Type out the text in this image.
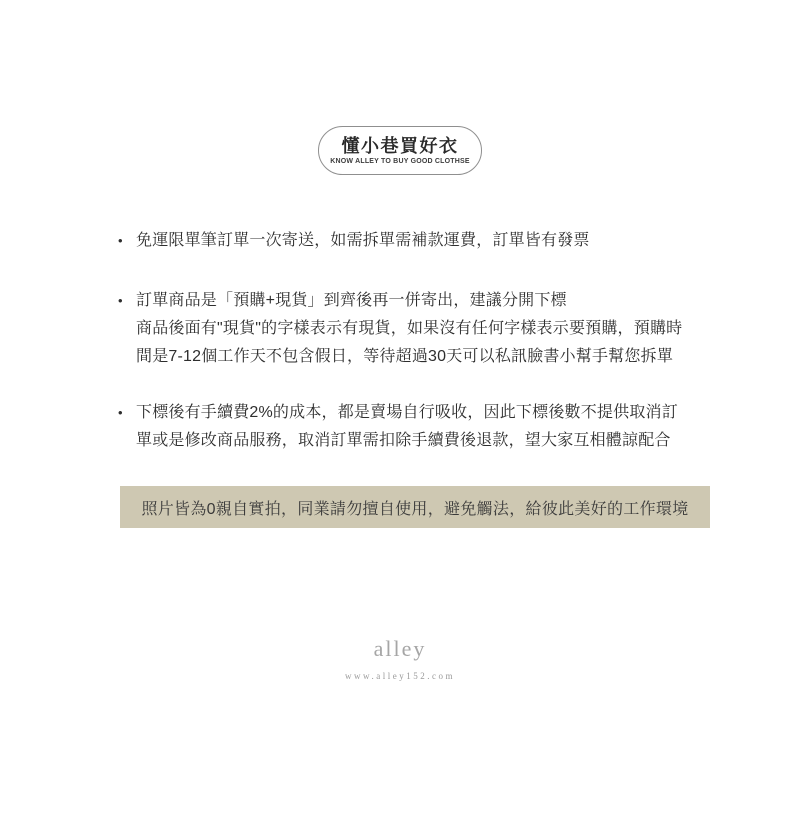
懂小巷買好衣
KNOW ALLEY TO BUY GOOD CLOTHSE
• 免運限單筆訂單一次寄送，如需拆單需補款運費，訂單皆有發票
• 訂單商品是「預購+現貨」到齊後再一併寄出，建議分開下標
商品後面有"現貨"的字樣表示有現貨，如果沒有任何字樣表示要預購，預購時
間是7-12個工作天不包含假日，等待超過30天可以私訊臉書小幫手幫您拆單
• 下標後有手續費2%的成本，都是賣場自行吸收，因此下標後數不提供取消訂
單或是修改商品服務，取消訂單需扣除手續費後退款，望大家互相體諒配合
照片皆為0親自實拍，同業請勿擅自使用，避免觸法，給彼此美好的工作環境
alley
www.alley152.com
